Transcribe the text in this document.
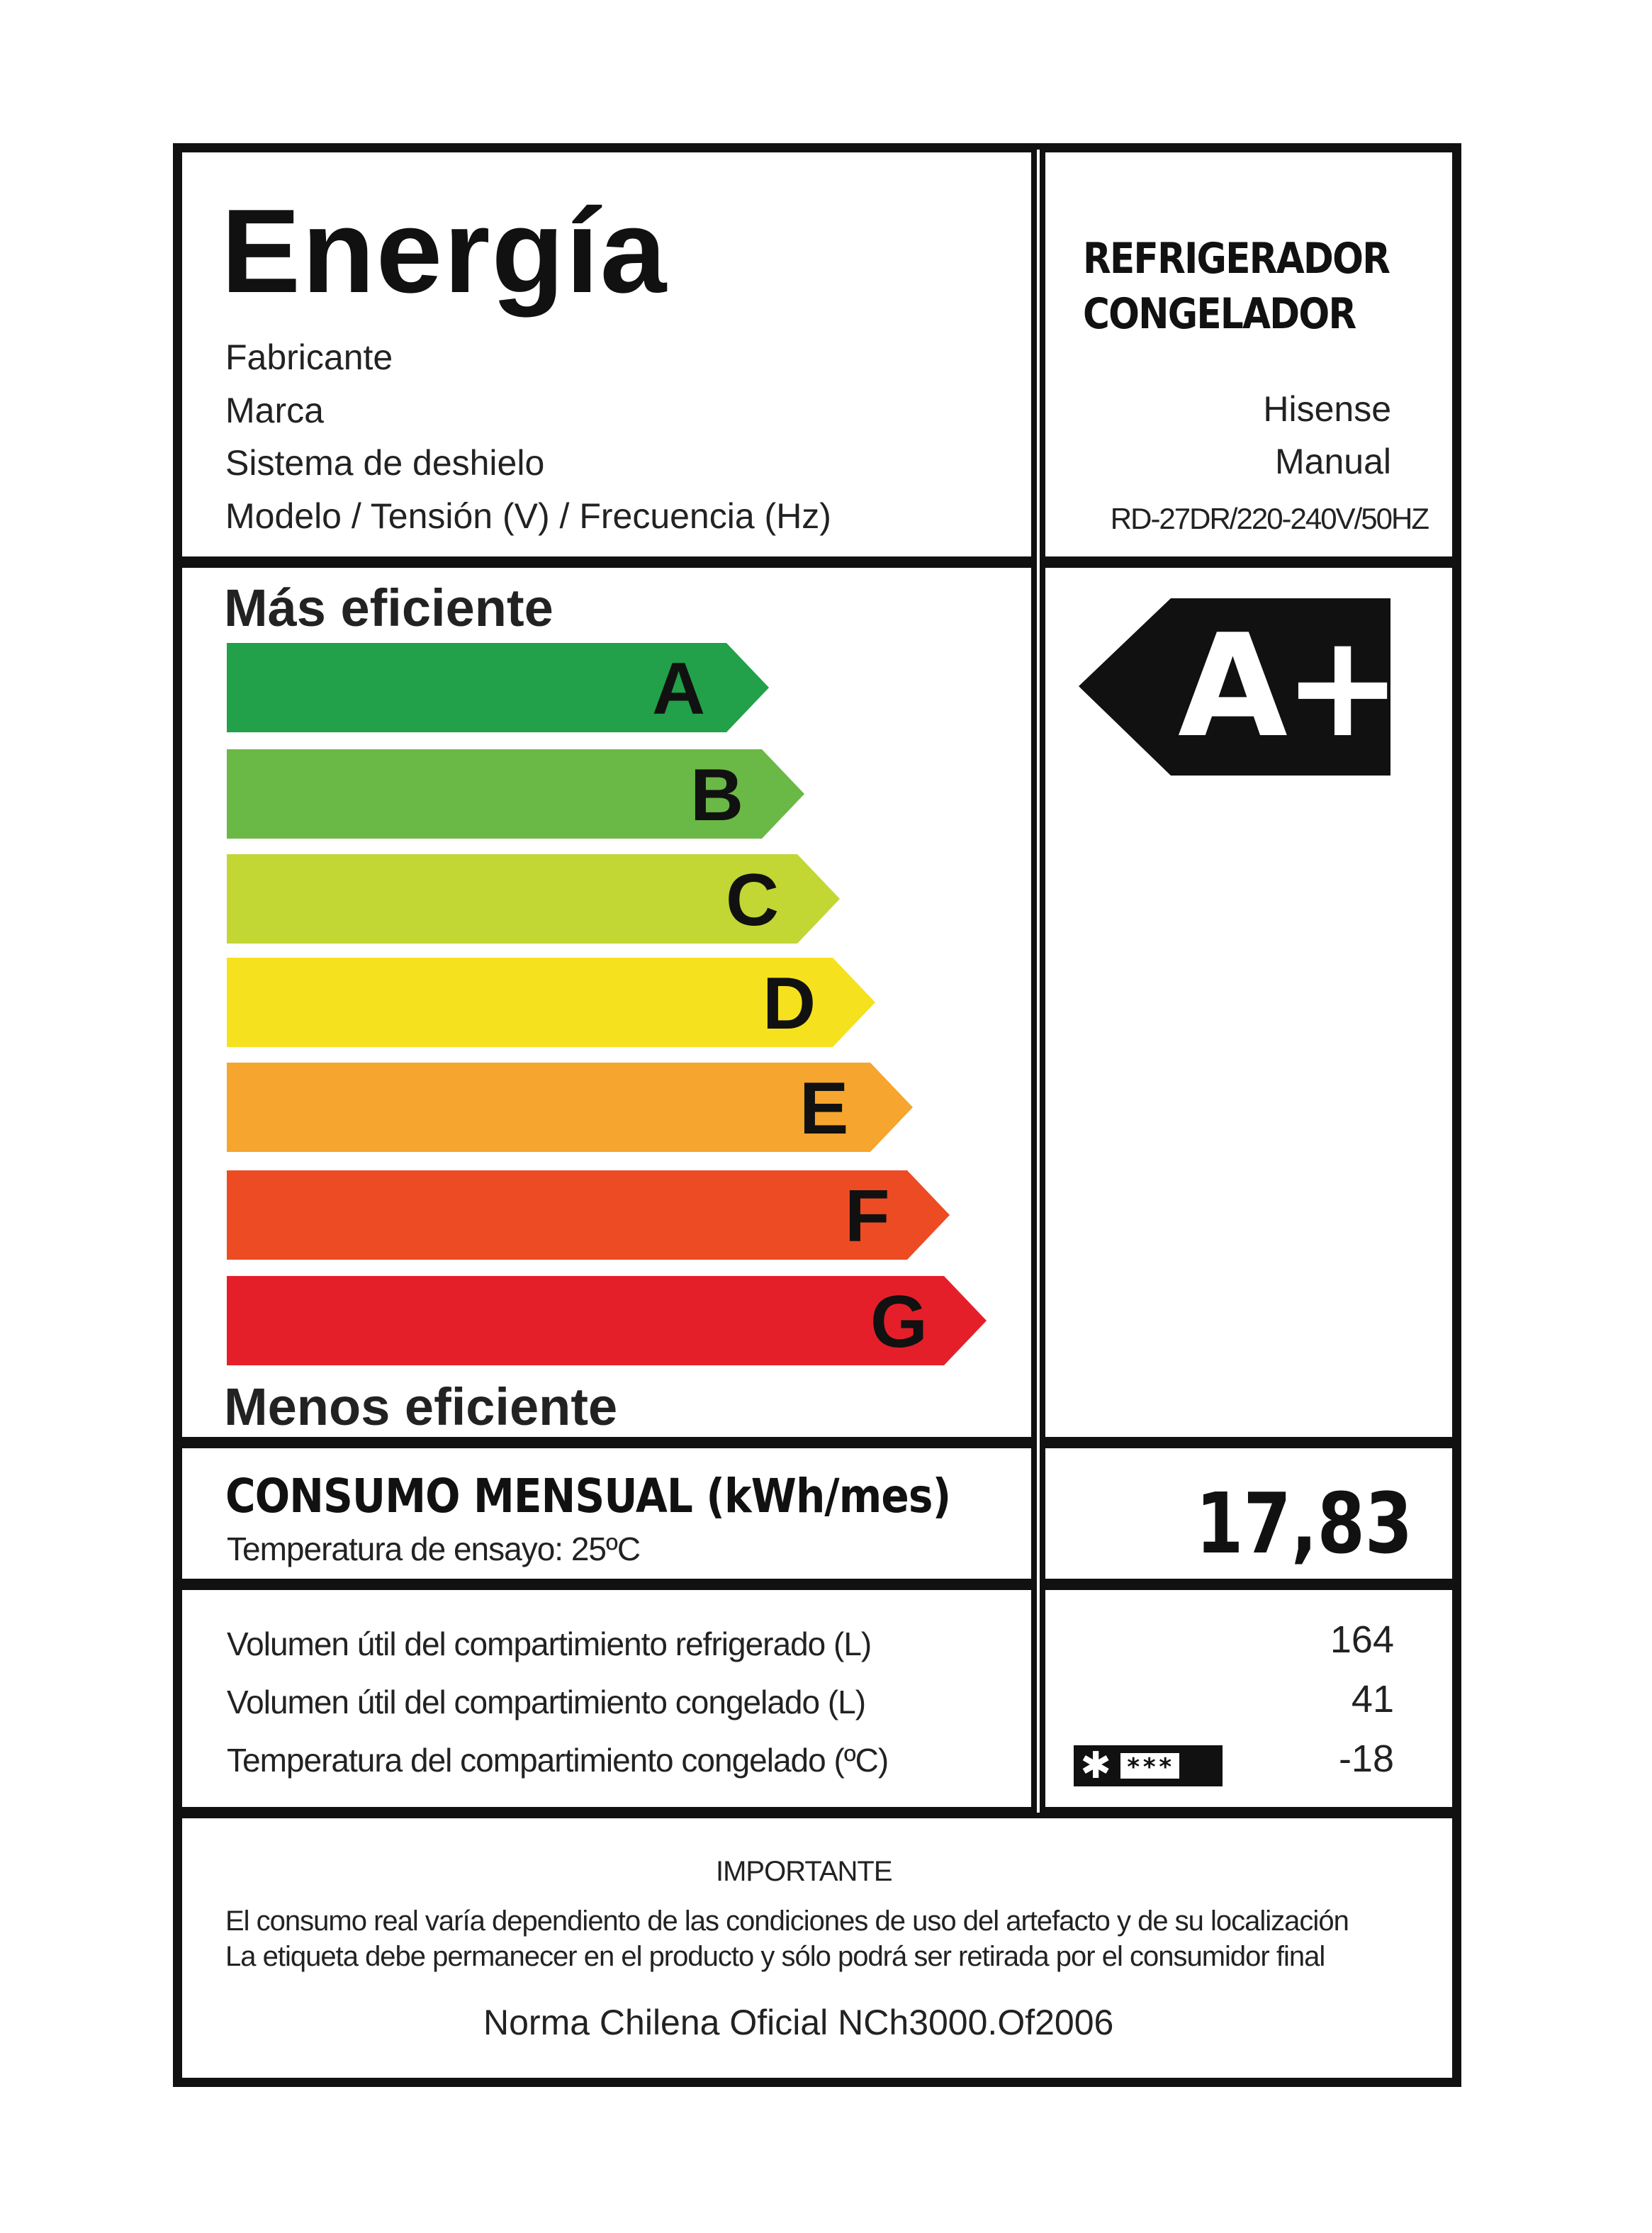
Energía
Fabricante
Marca
Sistema de deshielo
Modelo / Tensión (V) / Frecuencia (Hz)
REFRIGERADOR
CONGELADOR
Hisense
Manual
RD-27DR/220-240V/50HZ
Más eficiente
A
B
C
D
E
F
G
Menos eficiente
A+
CONSUMO MENSUAL (kWh/mes)
Temperatura de ensayo: 25ºC	17,83
Volumen útil del compartimiento refrigerado (L)
Volumen útil del compartimiento congelado (L)
Temperatura del compartimiento congelado (ºC)
164
41
-18
✱ ***
IMPORTANTE
El consumo real varía dependiento de las condiciones de uso del artefacto y de su localización
La etiqueta debe permanecer en el producto y sólo podrá ser retirada por el consumidor final
Norma Chilena Oficial NCh3000.Of2006
